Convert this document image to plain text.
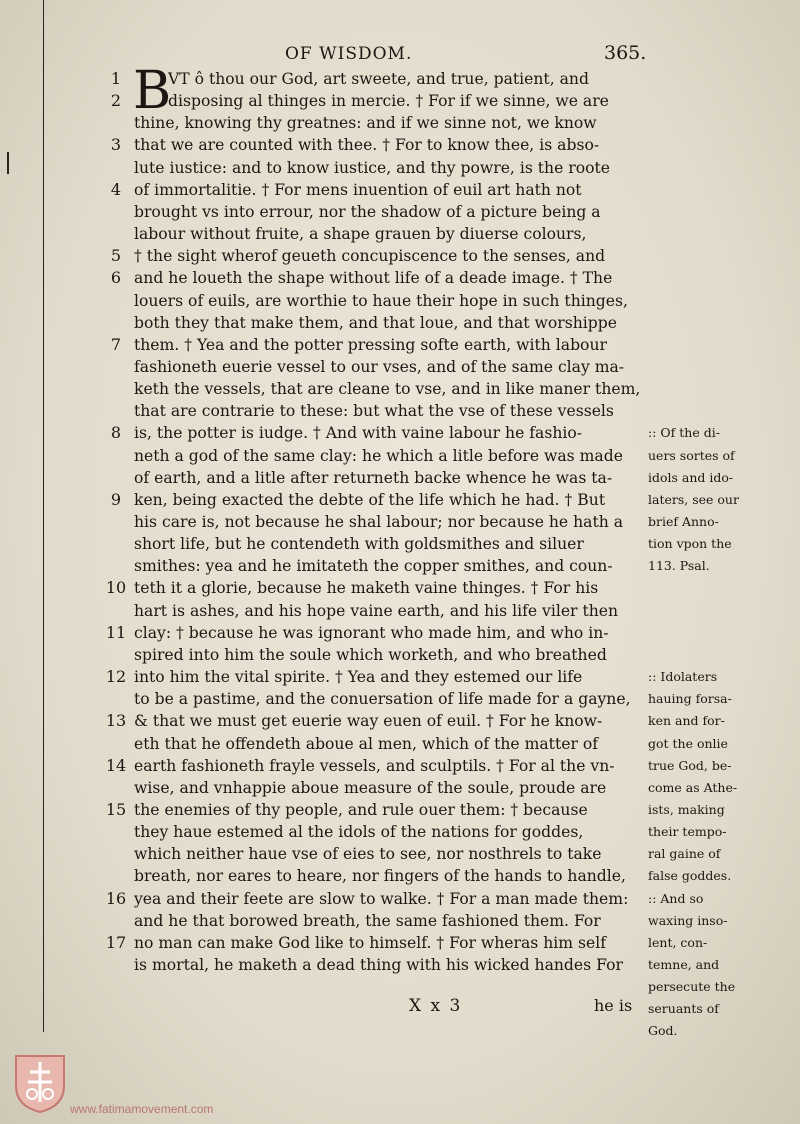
OF WISDOM.	365.
B
1	VT ô thou our God, art sweete, and true, patient, and
2	disposing al thinges in mercie. † For if we sinne, we are
thine, knowing thy greatnes: and if we sinne not, we know
3 that we are counted with thee. † For to know thee, is abso-
lute iustice: and to know iustice, and thy powre, is the roote
4 of immortalitie. † For mens inuention of euil art hath not
brought vs into errour, nor the shadow of a picture being a
labour without fruite, a shape grauen by diuerse colours,
5 † the sight wherof geueth concupiscence to the senses, and
6 and he loueth the shape without life of a deade image. † The
louers of euils, are worthie to haue their hope in such thinges,
both they that make them, and that loue, and that worshippe
7 them. † Yea and the potter pressing softe earth, with labour
fashioneth euerie vessel to our vses, and of the same clay ma-
keth the vessels, that are cleane to vse, and in like maner them,
that are contrarie to these: but what the vse of these vessels
8 is, the potter is iudge. † And with vaine labour he fashio-
neth a god of the same clay: he which a litle before was made
of earth, and a litle after returneth backe whence he was ta-
9 ken, being exacted the debte of the life which he had. † But
his care is, not because he shal labour; nor because he hath a
short life, but he contendeth with goldsmithes and siluer
smithes: yea and he imitateth the copper smithes, and coun-
10 teth it a glorie, because he maketh vaine thinges. † For his
hart is ashes, and his hope vaine earth, and his life viler then
11 clay: † because he was ignorant who made him, and who in-
spired into him the soule which worketh, and who breathed
12 into him the vital spirite. † Yea and they estemed our life
to be a pastime, and the conuersation of life made for a gayne,
13 & that we must get euerie way euen of euil. † For he know-
eth that he offendeth aboue al men, which of the matter of
14 earth fashioneth frayle vessels, and sculptils. † For al the vn-
wise, and vnhappie aboue measure of the soule, proude are
15 the enemies of thy people, and rule ouer them: † because
they haue estemed al the idols of the nations for goddes,
which neither haue vse of eies to see, nor nosthrels to take
breath, nor eares to heare, nor fingers of the hands to handle,
16 yea and their feete are slow to walke. † For a man made them:
and he that borowed breath, the same fashioned them. For
17 no man can make God like to himself. † For wheras him self
is mortal, he maketh a dead thing with his wicked handes For
:: Of the di-
uers sortes of
idols and ido-
laters, see our
brief Anno-
tion vpon the
113. Psal.
:: Idolaters
hauing forsa-
ken and for-
got the onlie
true God, be-
come as Athe-
ists, making
their tempo-
ral gaine of
false goddes.
:: And so
waxing inso-
lent, con-
temne, and
persecute the
seruants of
God.
X x 3	he is
www.fatimamovement.com
